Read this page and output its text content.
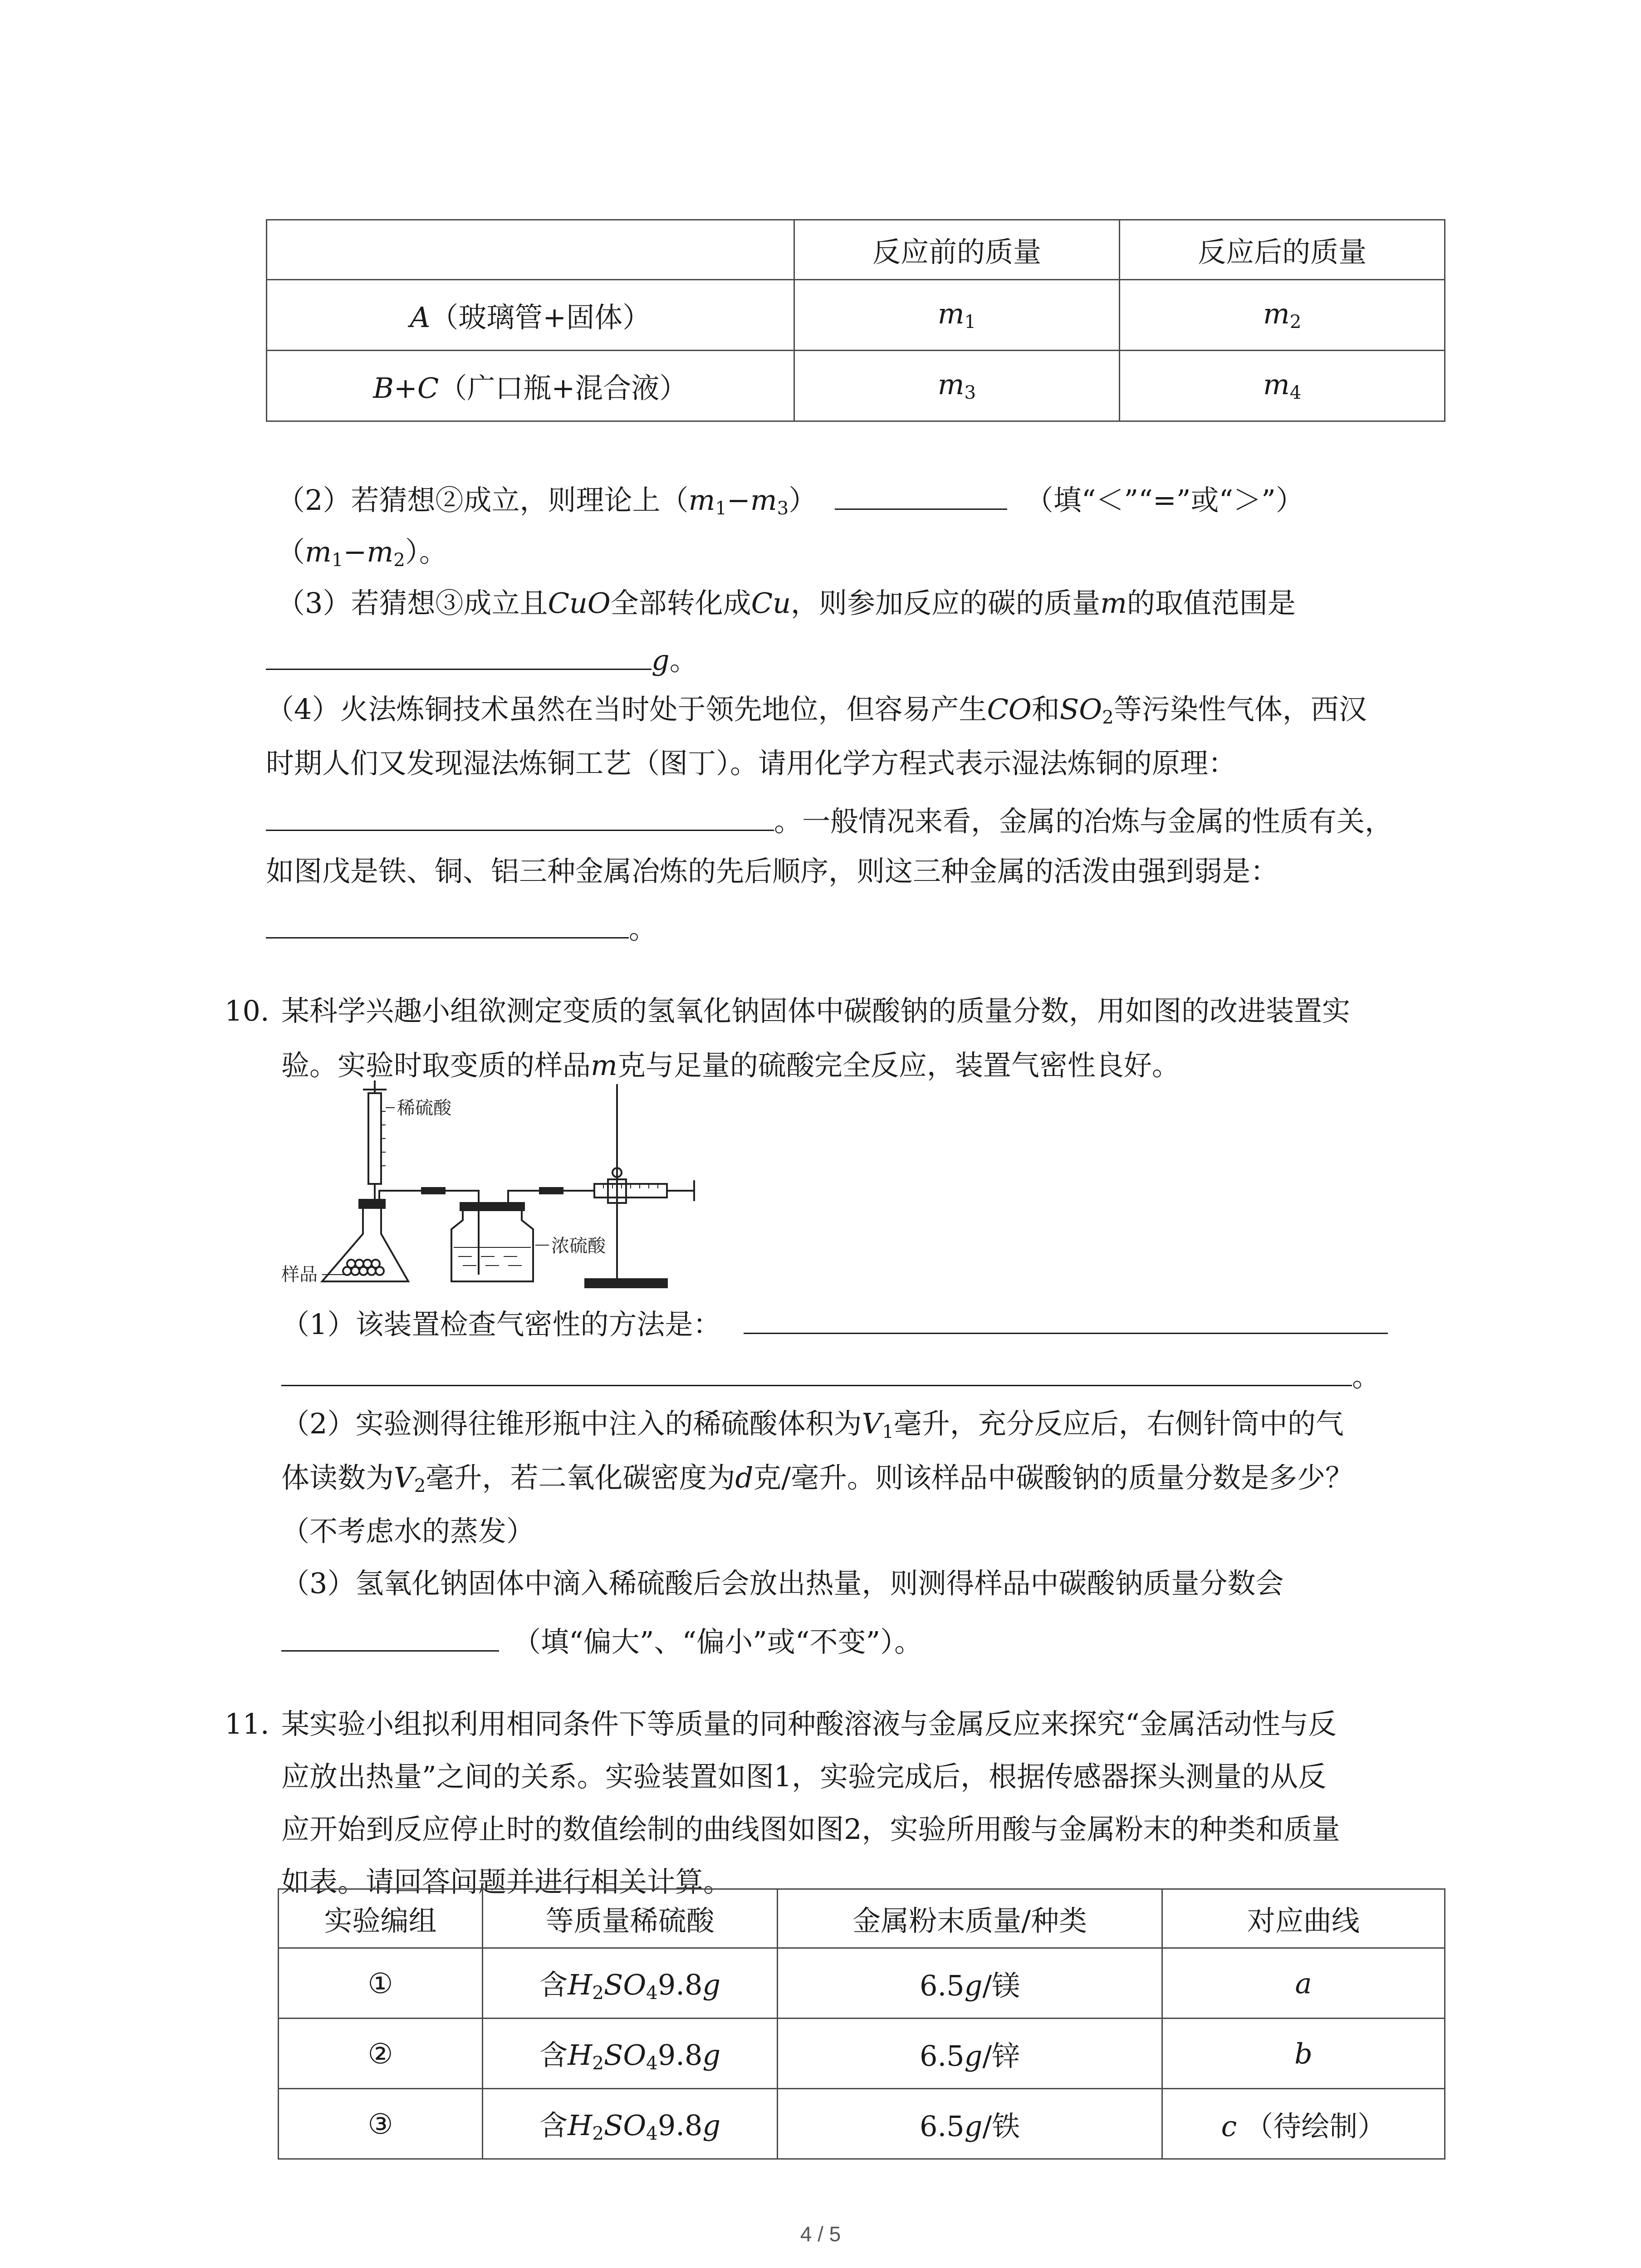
	反应前的质量	反应后的质量
A（玻璃管+固体）	$m_1$	$m_2$
B+C（广口瓶+混合液）	$m_3$	$m_4$
（2）若猜想②成立，则理论上$(m_1-m_3)$	（填“＜”“=”或“＞”）
$(m_1-m_2)$。
（3）若猜想③成立且CuO全部转化成Cu，则参加反应的碳的质量m的取值范围是
g。
（4）火法炼铜技术虽然在当时处于领先地位，但容易产生CO和$SO_2$等污染性气体，西汉
时期人们又发现湿法炼铜工艺（图丁）。请用化学方程式表示湿法炼铜的原理：
。一般情况来看，金属的冶炼与金属的性质有关，
如图戊是铁、铜、铝三种金属冶炼的先后顺序，则这三种金属的活泼由强到弱是：
。
10. 某科学兴趣小组欲测定变质的氢氧化钠固体中碳酸钠的质量分数，用如图的改进装置实
验。实验时取变质的样品m克与足量的硫酸完全反应，装置气密性良好。
稀硫酸
浓硫酸
样品
（1）该装置检查气密性的方法是：
。
（2）实验测得往锥形瓶中注入的稀硫酸体积为$V_1$毫升，充分反应后，右侧针筒中的气
体读数为$V_2$毫升，若二氧化碳密度为d克/毫升。则该样品中碳酸钠的质量分数是多少？
（不考虑水的蒸发）
（3）氢氧化钠固体中滴入稀硫酸后会放出热量，则测得样品中碳酸钠质量分数会
（填“偏大”、“偏小”或“不变”）。
11. 某实验小组拟利用相同条件下等质量的同种酸溶液与金属反应来探究“金属活动性与反
应放出热量”之间的关系。实验装置如图1，实验完成后，根据传感器探头测量的从反
应开始到反应停止时的数值绘制的曲线图如图2，实验所用酸与金属粉末的种类和质量
如表。请回答问题并进行相关计算。
实验编组	等质量稀硫酸	金属粉末质量/种类	对应曲线
①	含$H_2SO_49.8g$	6.5g/镁	a
②	含$H_2SO_49.8g$	6.5g/锌	b
③	含$H_2SO_49.8g$	6.5g/铁	c （待绘制）
4 / 5
